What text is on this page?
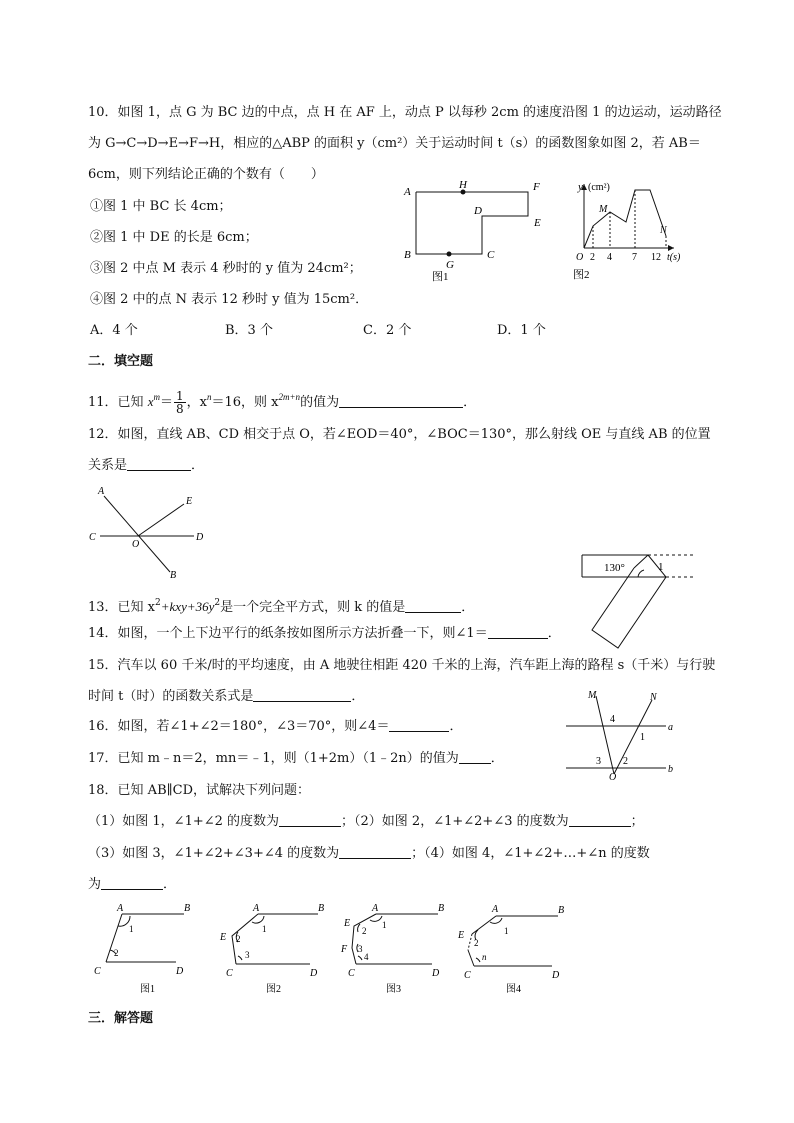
10．如图 1，点 G 为 BC 边的中点，点 H 在 AF 上，动点 P 以每秒 2cm 的速度沿图 1 的边运动，运动路径
为 G→C→D→E→F→H，相应的△ABP 的面积 y（cm²）关于运动时间 t（s）的函数图象如图 2，若 AB＝
6cm，则下列结论正确的个数有（　　）
①图 1 中 BC 长 4cm；
②图 1 中 DE 的长是 6cm；
③图 2 中点 M 表示 4 秒时的 y 值为 24cm²；
④图 2 中的点 N 表示 12 秒时 y 值为 15cm²．
A．4 个	B．3 个	C．2 个	D．1 个
A
H	F
D
E
B
G
C
图1
y (cm²)
M
N
O 2 4 7 12 t(s)
图2
二．填空题
11．已知 $x^m= \frac{1}{8}$ ，$x^n=16$，则 $x^{2m+n}$的值为	．
12．如图，直线 AB、CD 相交于点 O，若∠EOD＝40°，∠BOC＝130°，那么射线 OE 与直线 AB 的位置
关系是	．
A
E
C
O
D
B
130°	1
13．已知 $x^2+kxy+36y^2$是一个完全平方式，则 k 的值是	．
14．如图，一个上下边平行的纸条按如图所示方法折叠一下，则∠1＝	．
15．汽车以 60 千米/时的平均速度，由 A 地驶往相距 420 千米的上海，汽车距上海的路程 s（千米）与行驶
时间 t（时）的函数关系式是	．	M	N
a
b
4
1
3 2
O
16．如图，若∠1+∠2＝180°，∠3＝70°，则∠4＝	．
17．已知 m﹣n＝2，mn＝﹣1，则（1+2m）（1﹣2n）的值为 ．
18．已知 AB∥CD，试解决下列问题：
（1）如图 1，∠1+∠2 的度数为	；（2）如图 2，∠1+∠2+∠3 的度数为	；
（3）如图 3，∠1+∠2+∠3+∠4 的度数为	；（4）如图 4，∠1+∠2+…+∠n 的度数
为	．
A	B
C	D
1
2
图1
A	B
E
C	D
1
2
3
图2
A	B
E
F
C	D
1
2
3
4
图3
A	B
E
C	D
1
2
n
图4
三．解答题
